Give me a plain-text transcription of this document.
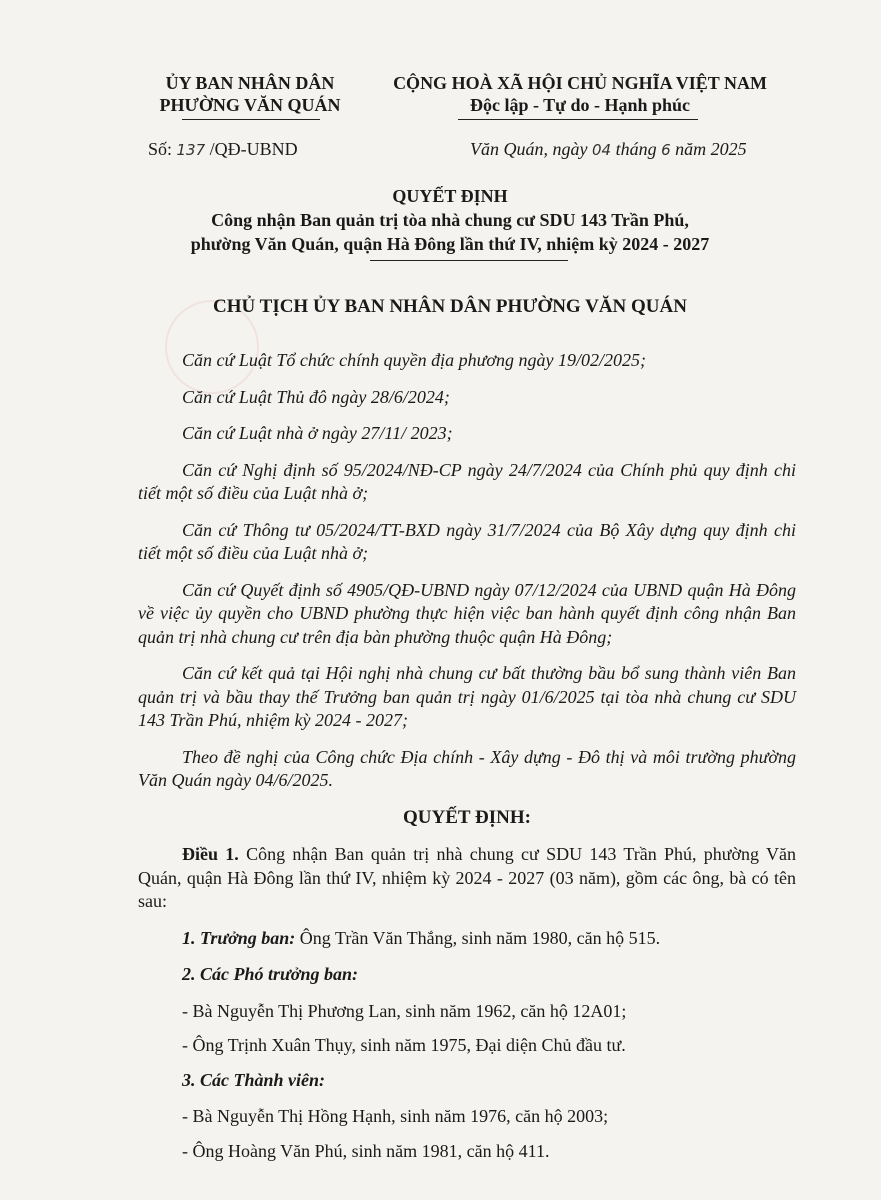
ỦY BAN NHÂN DÂN
PHƯỜNG VĂN QUÁN
CỘNG HOÀ XÃ HỘI CHỦ NGHĨA VIỆT NAM
Độc lập - Tự do - Hạnh phúc
Số: 137 /QĐ-UBND	Văn Quán, ngày 04 tháng 6 năm 2025
QUYẾT ĐỊNH
Công nhận Ban quản trị tòa nhà chung cư SDU 143 Trần Phú,
phường Văn Quán, quận Hà Đông lần thứ IV, nhiệm kỳ 2024 - 2027
CHỦ TỊCH ỦY BAN NHÂN DÂN PHƯỜNG VĂN QUÁN

Căn cứ Luật Tổ chức chính quyền địa phương ngày 19/02/2025;

Căn cứ Luật Thủ đô ngày 28/6/2024;

Căn cứ Luật nhà ở ngày 27/11/ 2023;

Căn cứ Nghị định số 95/2024/NĐ-CP ngày 24/7/2024 của Chính phủ quy định chi tiết một số điều của Luật nhà ở;

Căn cứ Thông tư 05/2024/TT-BXD ngày 31/7/2024 của Bộ Xây dựng quy định chi tiết một số điều của Luật nhà ở;

Căn cứ Quyết định số 4905/QĐ-UBND ngày 07/12/2024 của UBND quận Hà Đông về việc ủy quyền cho UBND phường thực hiện việc ban hành quyết định công nhận Ban quản trị nhà chung cư trên địa bàn phường thuộc quận Hà Đông;

Căn cứ kết quả tại Hội nghị nhà chung cư bất thường bầu bổ sung thành viên Ban quản trị và bầu thay thế Trưởng ban quản trị ngày 01/6/2025 tại tòa nhà chung cư SDU 143 Trần Phú, nhiệm kỳ 2024 - 2027;

Theo đề nghị của Công chức Địa chính - Xây dựng - Đô thị và môi trường phường Văn Quán ngày 04/6/2025.

QUYẾT ĐỊNH:

Điều 1. Công nhận Ban quản trị nhà chung cư SDU 143 Trần Phú, phường Văn Quán, quận Hà Đông lần thứ IV, nhiệm kỳ 2024 - 2027 (03 năm), gồm các ông, bà có tên sau:

1. Trưởng ban: Ông Trần Văn Thắng, sinh năm 1980, căn hộ 515.

2. Các Phó trưởng ban:

- Bà Nguyễn Thị Phương Lan, sinh năm 1962, căn hộ 12A01;

- Ông Trịnh Xuân Thụy, sinh năm 1975, Đại diện Chủ đầu tư.

3. Các Thành viên:

- Bà Nguyễn Thị Hồng Hạnh, sinh năm 1976, căn hộ 2003;

- Ông Hoàng Văn Phú, sinh năm 1981, căn hộ 411.
